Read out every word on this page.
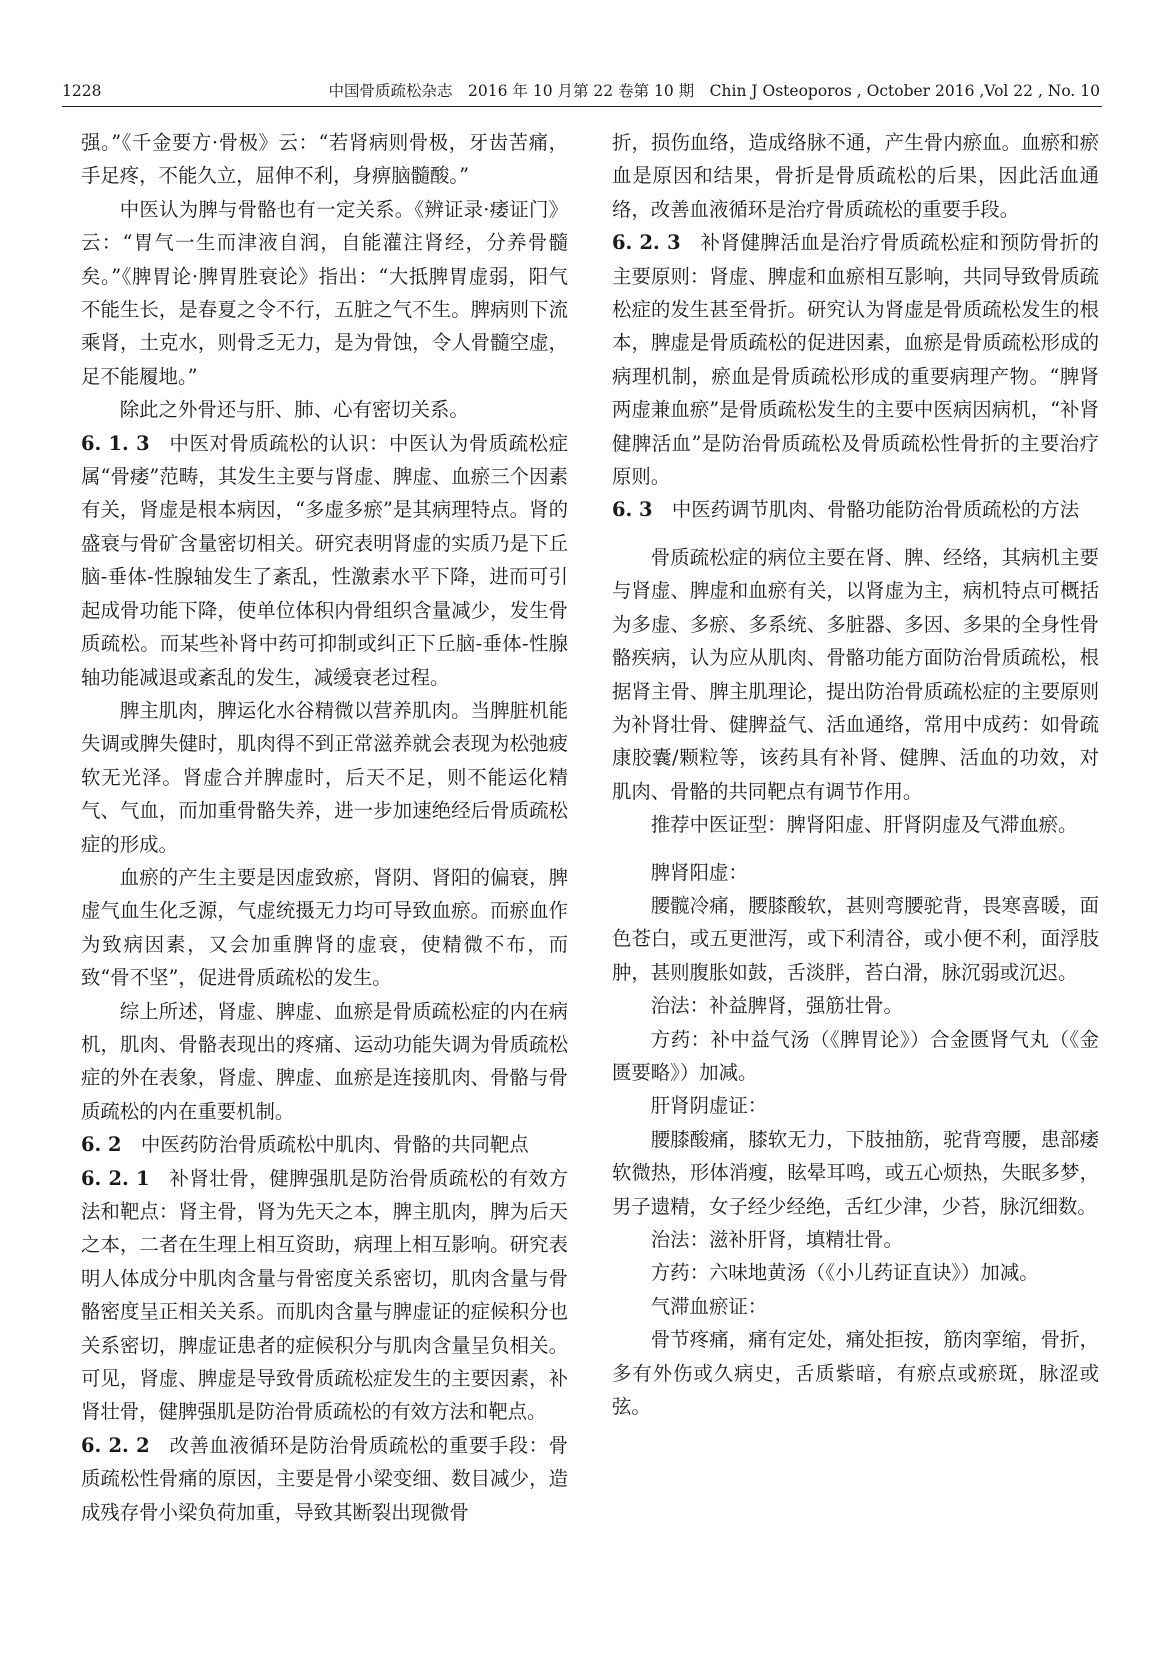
1228	中国骨质疏松杂志　2016 年 10 月第 22 卷第 10 期　Chin J Osteoporos , October 2016 ,Vol 22 , No. 10

强。”《千金要方·骨极》云：“若肾病则骨极，牙齿苦痛，手足疼，不能久立，屈伸不利，身痹脑髓酸。”

中医认为脾与骨骼也有一定关系。《辨证录·痿证门》云：“胃气一生而津液自润，自能灌注肾经，分养骨髓矣。”《脾胃论·脾胃胜衰论》指出：“大抵脾胃虚弱，阳气不能生长，是春夏之令不行，五脏之气不生。脾病则下流乘肾，土克水，则骨乏无力，是为骨蚀，令人骨髓空虚，足不能履地。”

除此之外骨还与肝、肺、心有密切关系。

6. 1. 3  中医对骨质疏松的认识：中医认为骨质疏松症属“骨痿”范畴，其发生主要与肾虚、脾虚、血瘀三个因素有关，肾虚是根本病因，“多虚多瘀”是其病理特点。肾的盛衰与骨矿含量密切相关。研究表明肾虚的实质乃是下丘脑-垂体-性腺轴发生了紊乱，性激素水平下降，进而可引起成骨功能下降，使单位体积内骨组织含量减少，发生骨质疏松。而某些补肾中药可抑制或纠正下丘脑-垂体-性腺轴功能减退或紊乱的发生，减缓衰老过程。

脾主肌肉，脾运化水谷精微以营养肌肉。当脾脏机能失调或脾失健时，肌肉得不到正常滋养就会表现为松弛疲软无光泽。肾虚合并脾虚时，后天不足，则不能运化精气、气血，而加重骨骼失养，进一步加速绝经后骨质疏松症的形成。

血瘀的产生主要是因虚致瘀，肾阴、肾阳的偏衰，脾虚气血生化乏源，气虚统摄无力均可导致血瘀。而瘀血作为致病因素，又会加重脾肾的虚衰，使精微不布，而致“骨不坚”，促进骨质疏松的发生。

综上所述，肾虚、脾虚、血瘀是骨质疏松症的内在病机，肌肉、骨骼表现出的疼痛、运动功能失调为骨质疏松症的外在表象，肾虚、脾虚、血瘀是连接肌肉、骨骼与骨质疏松的内在重要机制。

6. 2  中医药防治骨质疏松中肌肉、骨骼的共同靶点

6. 2. 1  补肾壮骨，健脾强肌是防治骨质疏松的有效方法和靶点：肾主骨，肾为先天之本，脾主肌肉，脾为后天之本，二者在生理上相互资助，病理上相互影响。研究表明人体成分中肌肉含量与骨密度关系密切，肌肉含量与骨骼密度呈正相关关系。而肌肉含量与脾虚证的症候积分也关系密切，脾虚证患者的症候积分与肌肉含量呈负相关。可见，肾虚、脾虚是导致骨质疏松症发生的主要因素，补肾壮骨，健脾强肌是防治骨质疏松的有效方法和靶点。

6. 2. 2  改善血液循环是防治骨质疏松的重要手段：骨质疏松性骨痛的原因，主要是骨小梁变细、数目减少，造成残存骨小梁负荷加重，导致其断裂出现微骨

折，损伤血络，造成络脉不通，产生骨内瘀血。血瘀和瘀血是原因和结果，骨折是骨质疏松的后果，因此活血通络，改善血液循环是治疗骨质疏松的重要手段。

6. 2. 3  补肾健脾活血是治疗骨质疏松症和预防骨折的主要原则：肾虚、脾虚和血瘀相互影响，共同导致骨质疏松症的发生甚至骨折。研究认为肾虚是骨质疏松发生的根本，脾虚是骨质疏松的促进因素，血瘀是骨质疏松形成的病理机制，瘀血是骨质疏松形成的重要病理产物。“脾肾两虚兼血瘀”是骨质疏松发生的主要中医病因病机，“补肾健脾活血”是防治骨质疏松及骨质疏松性骨折的主要治疗原则。

6. 3  中医药调节肌肉、骨骼功能防治骨质疏松的方法

骨质疏松症的病位主要在肾、脾、经络，其病机主要与肾虚、脾虚和血瘀有关，以肾虚为主，病机特点可概括为多虚、多瘀、多系统、多脏器、多因、多果的全身性骨骼疾病，认为应从肌肉、骨骼功能方面防治骨质疏松，根据肾主骨、脾主肌理论，提出防治骨质疏松症的主要原则为补肾壮骨、健脾益气、活血通络，常用中成药：如骨疏康胶囊/颗粒等，该药具有补肾、健脾、活血的功效，对肌肉、骨骼的共同靶点有调节作用。

推荐中医证型：脾肾阳虚、肝肾阴虚及气滞血瘀。

脾肾阳虚：

腰髋冷痛，腰膝酸软，甚则弯腰驼背，畏寒喜暖，面色苍白，或五更泄泻，或下利清谷，或小便不利，面浮肢肿，甚则腹胀如鼓，舌淡胖，苔白滑，脉沉弱或沉迟。

治法：补益脾肾，强筋壮骨。

方药：补中益气汤（《脾胃论》）合金匮肾气丸（《金匮要略》）加减。

肝肾阴虚证：

腰膝酸痛，膝软无力，下肢抽筋，驼背弯腰，患部痿软微热，形体消瘦，眩晕耳鸣，或五心烦热，失眠多梦，男子遗精，女子经少经绝，舌红少津，少苔，脉沉细数。

治法：滋补肝肾，填精壮骨。

方药：六味地黄汤（《小儿药证直诀》）加减。

气滞血瘀证：

骨节疼痛，痛有定处，痛处拒按，筋肉挛缩，骨折，多有外伤或久病史，舌质紫暗，有瘀点或瘀斑，脉涩或弦。
